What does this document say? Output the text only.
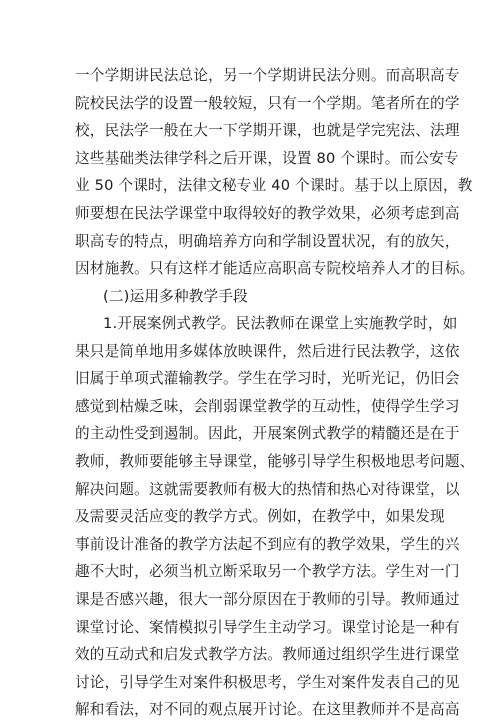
一个学期讲民法总论，另一个学期讲民法分则。而高职高专
院校民法学的设置一般较短，只有一个学期。笔者所在的学
校，民法学一般在大一下学期开课，也就是学完宪法、法理
这些基础类法律学科之后开课，设置 80 个课时。而公安专
业 50 个课时，法律文秘专业 40 个课时。基于以上原因，教
师要想在民法学课堂中取得较好的教学效果，必须考虑到高
职高专的特点，明确培养方向和学制设置状况，有的放矢，
因材施教。只有这样才能适应高职高专院校培养人才的目标。
(二)运用多种教学手段
1.开展案例式教学。民法教师在课堂上实施教学时，如
果只是简单地用多媒体放映课件，然后进行民法教学，这依
旧属于单项式灌输教学。学生在学习时，光听光记，仍旧会
感觉到枯燥乏味，会削弱课堂教学的互动性，使得学生学习
的主动性受到遏制。因此，开展案例式教学的精髓还是在于
教师，教师要能够主导课堂，能够引导学生积极地思考问题、
解决问题。这就需要教师有极大的热情和热心对待课堂，以
及需要灵活应变的教学方式。例如，在教学中，如果发现
事前设计准备的教学方法起不到应有的教学效果，学生的兴
趣不大时，必须当机立断采取另一个教学方法。学生对一门
课是否感兴趣，很大一部分原因在于教师的引导。教师通过
课堂讨论、案情模拟引导学生主动学习。课堂讨论是一种有
效的互动式和启发式教学方法。教师通过组织学生进行课堂
讨论，引导学生对案件积极思考，学生对案件发表自己的见
解和看法，对不同的观点展开讨论。在这里教师并不是高高
